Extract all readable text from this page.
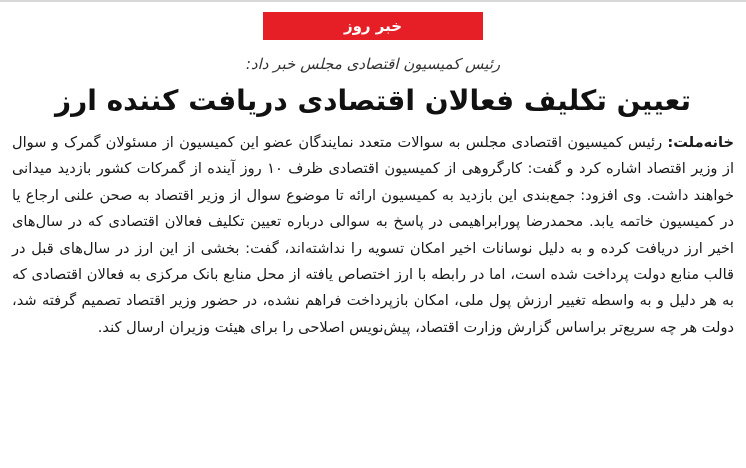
خبر روز
رئیس کمیسیون اقتصادی مجلس خبر داد:
تعیین تکلیف فعالان اقتصادی دریافت کننده ارز

خانه‌ملت: رئیس کمیسیون اقتصادی مجلس به سوالات متعدد نمایندگان عضو این کمیسیون از مسئولان گمرک و سوال از وزیر اقتصاد اشاره کرد و گفت: کارگروهی از کمیسیون اقتصادی ظرف ۱۰ روز آینده از گمرکات کشور بازدید میدانی خواهند داشت. وی افزود: جمع‌بندی این بازدید به کمیسیون ارائه تا موضوع سوال از وزیر اقتصاد به صحن علنی ارجاع یا در کمیسیون خاتمه یابد. محمدرضا پورابراهیمی در پاسخ به سوالی درباره تعیین تکلیف فعالان اقتصادی که در سال‌های اخیر ارز دریافت کرده و به دلیل نوسانات اخیر امکان تسویه را نداشته‌اند، گفت: بخشی از این ارز در سال‌های قبل در قالب منابع دولت پرداخت شده است، اما در رابطه با ارز اختصاص یافته از محل منابع بانک مرکزی به فعالان اقتصادی که به هر دلیل و به واسطه تغییر ارزش پول ملی، امکان بازپرداخت فراهم نشده، در حضور وزیر اقتصاد تصمیم گرفته شد، دولت هر چه سریع‌تر براساس گزارش وزارت اقتصاد، پیش‌نویس اصلاحی را برای هیئت وزیران ارسال کند.
